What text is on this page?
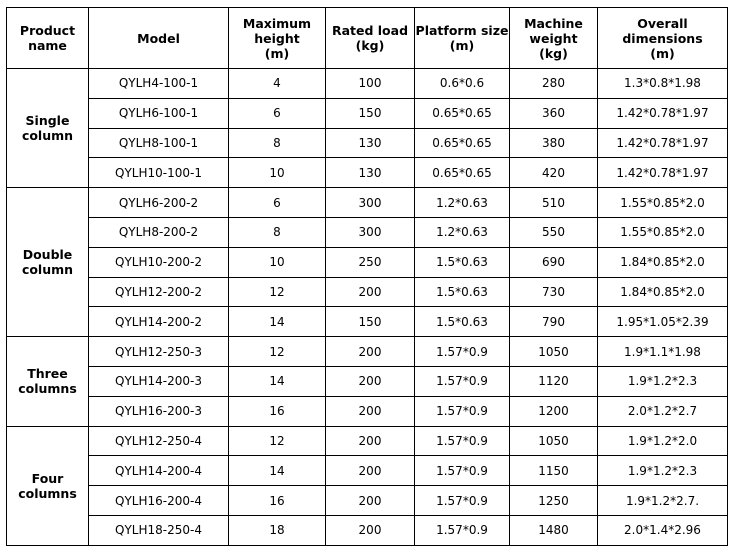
Product
name	Model	Maximum
height
(m)	Rated load
(kg)	Platform size
(m)	Machine
weight
(kg)	Overall dimensions
(m)

Single
column	QYLH4-100-1	4	100	0.6*0.6	280	1.3*0.8*1.98
	QYLH6-100-1	6	150	0.65*0.65	360	1.42*0.78*1.97
	QYLH8-100-1	8	130	0.65*0.65	380	1.42*0.78*1.97
	QYLH10-100-1	10	130	0.65*0.65	420	1.42*0.78*1.97

Double
column	QYLH6-200-2	6	300	1.2*0.63	510	1.55*0.85*2.0
	QYLH8-200-2	8	300	1.2*0.63	550	1.55*0.85*2.0
	QYLH10-200-2	10	250	1.5*0.63	690	1.84*0.85*2.0
	QYLH12-200-2	12	200	1.5*0.63	730	1.84*0.85*2.0
	QYLH14-200-2	14	150	1.5*0.63	790	1.95*1.05*2.39

Three
columns	QYLH12-250-3	12	200	1.57*0.9	1050	1.9*1.1*1.98
	QYLH14-200-3	14	200	1.57*0.9	1120	1.9*1.2*2.3
	QYLH16-200-3	16	200	1.57*0.9	1200	2.0*1.2*2.7

Four
columns	QYLH12-250-4	12	200	1.57*0.9	1050	1.9*1.2*2.0
	QYLH14-200-4	14	200	1.57*0.9	1150	1.9*1.2*2.3
	QYLH16-200-4	16	200	1.57*0.9	1250	1.9*1.2*2.7.
	QYLH18-250-4	18	200	1.57*0.9	1480	2.0*1.4*2.96
